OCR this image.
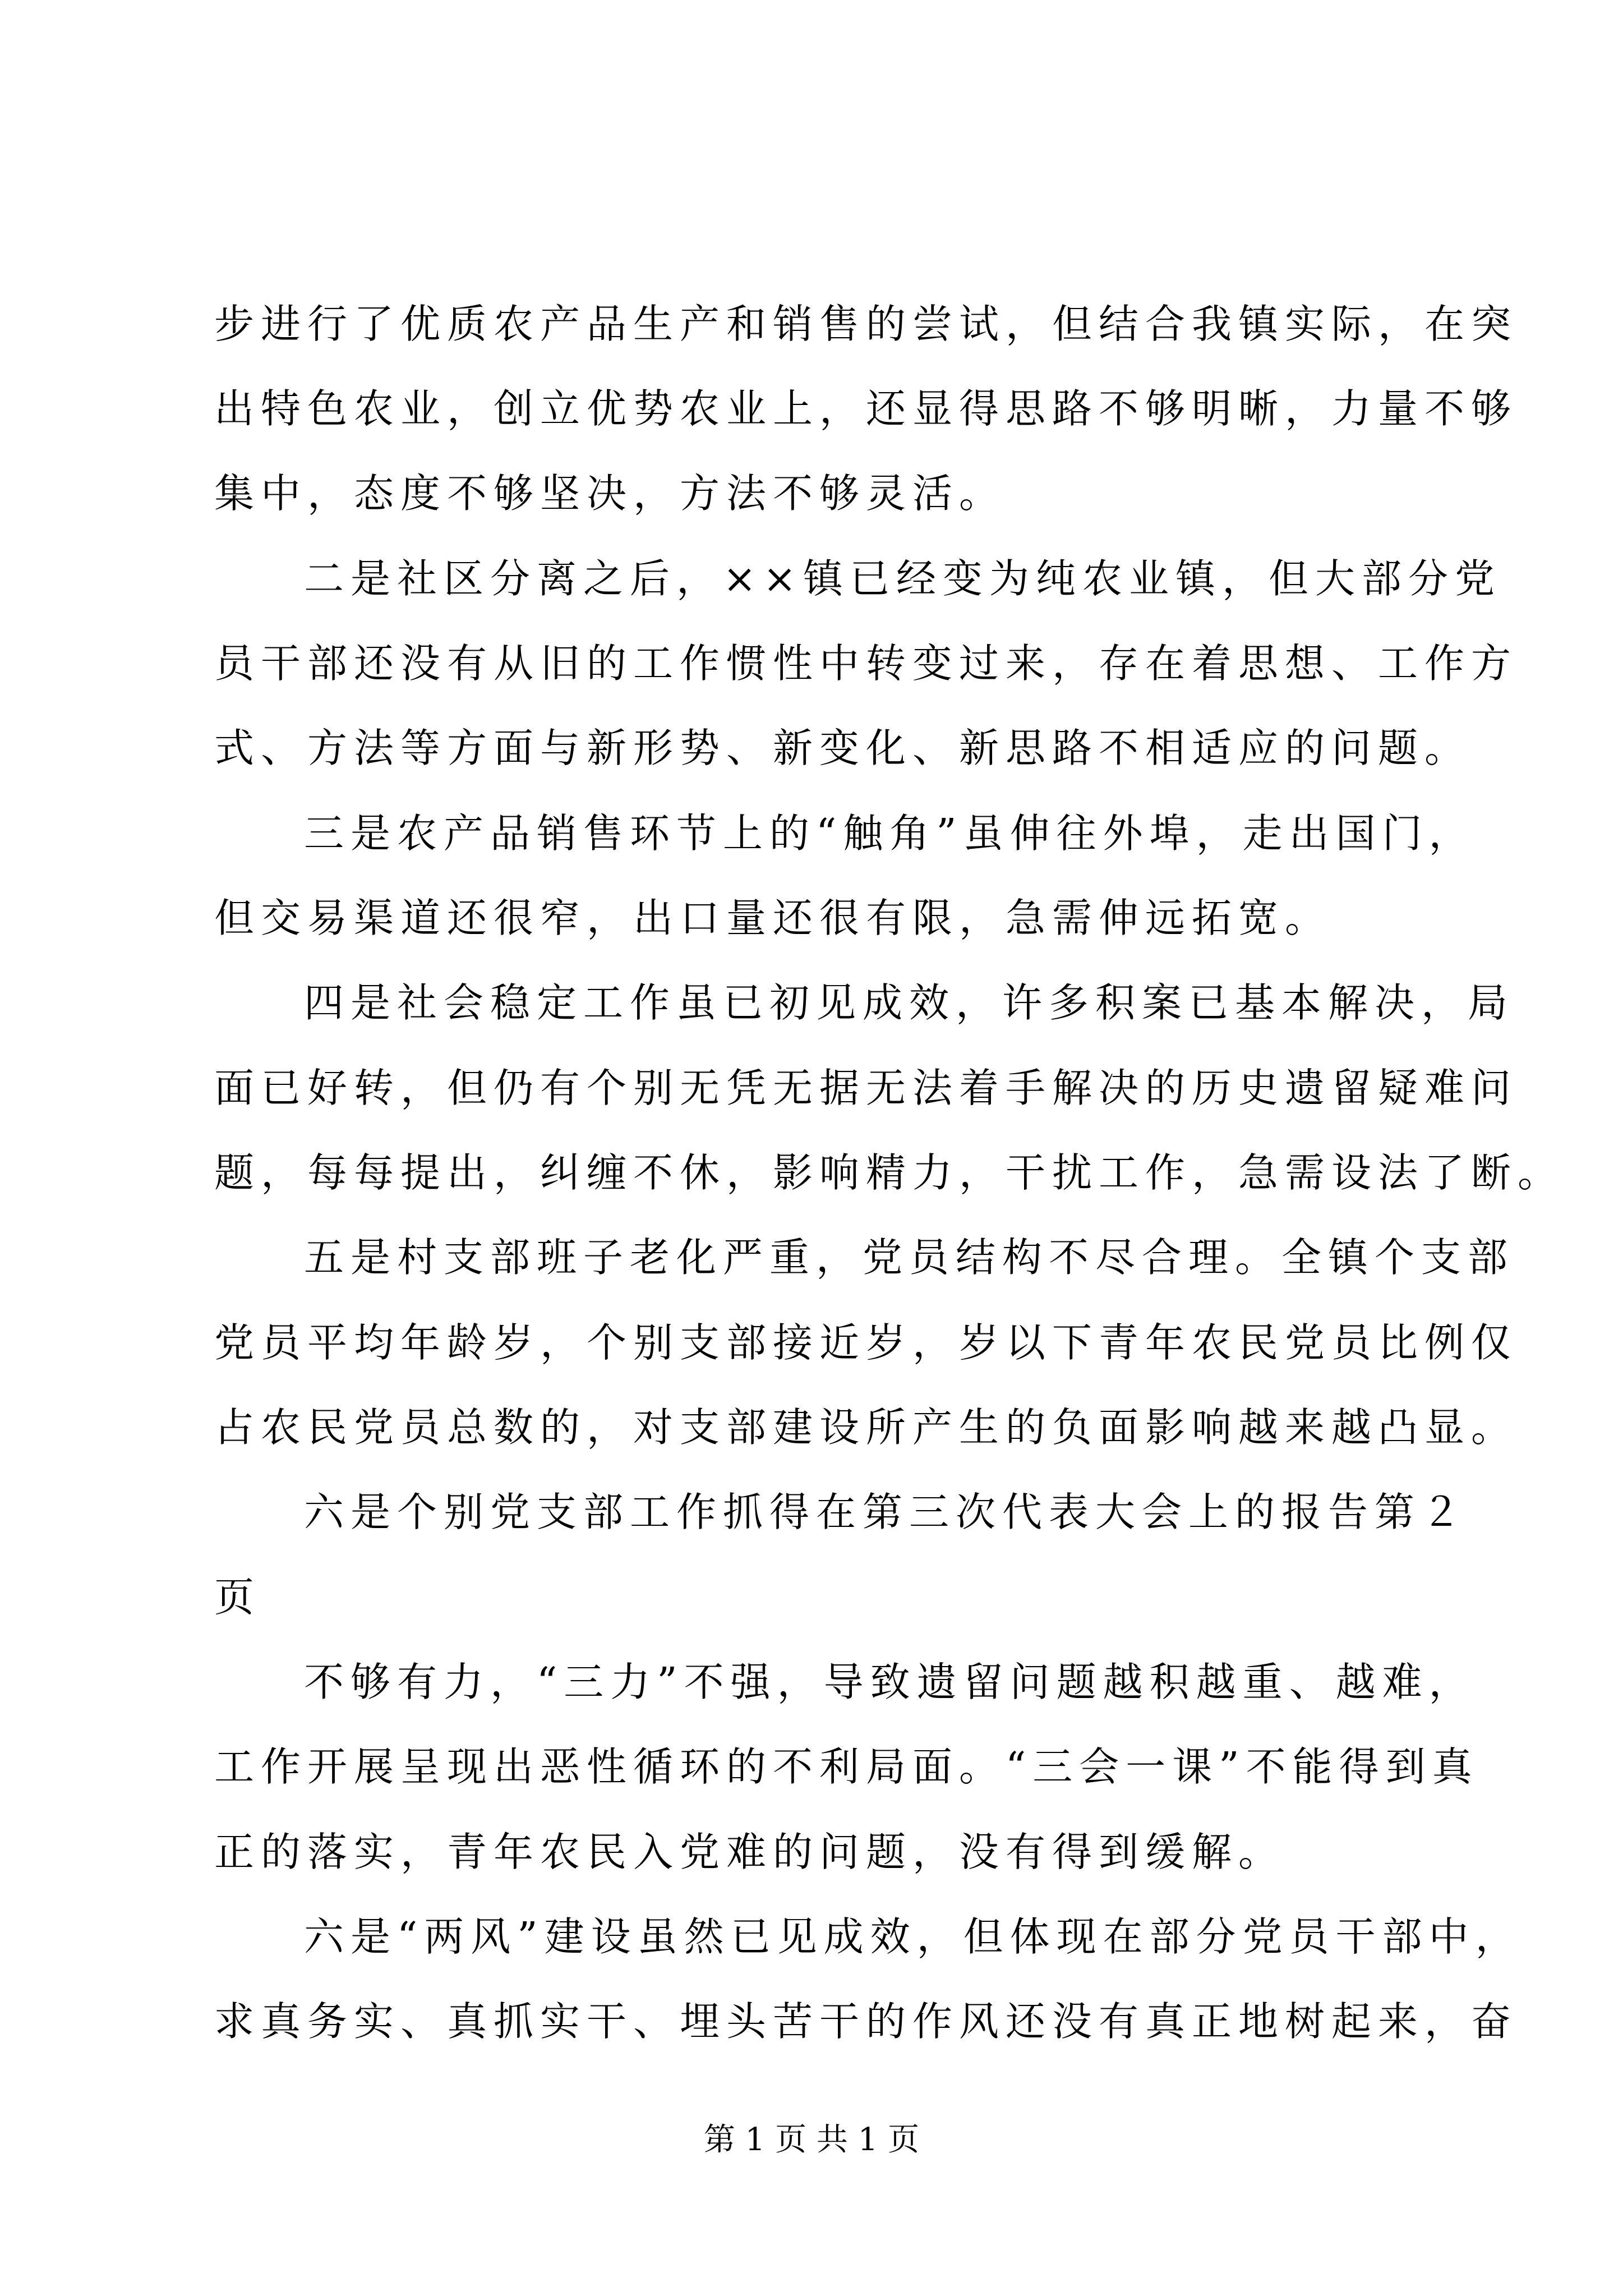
步进行了优质农产品生产和销售的尝试，但结合我镇实际，在突
出特色农业，创立优势农业上，还显得思路不够明晰，力量不够
集中，态度不够坚决，方法不够灵活。
二是社区分离之后，××镇已经变为纯农业镇，但大部分党
员干部还没有从旧的工作惯性中转变过来，存在着思想、工作方
式、方法等方面与新形势、新变化、新思路不相适应的问题。
三是农产品销售环节上的“触角”虽伸往外埠，走出国门，
但交易渠道还很窄，出口量还很有限，急需伸远拓宽。
四是社会稳定工作虽已初见成效，许多积案已基本解决，局
面已好转，但仍有个别无凭无据无法着手解决的历史遗留疑难问
题，每每提出，纠缠不休，影响精力，干扰工作，急需设法了断。
五是村支部班子老化严重，党员结构不尽合理。全镇个支部
党员平均年龄岁，个别支部接近岁，岁以下青年农民党员比例仅
占农民党员总数的，对支部建设所产生的负面影响越来越凸显。
六是个别党支部工作抓得在第三次代表大会上的报告第２
页
不够有力，“三力”不强，导致遗留问题越积越重、越难，
工作开展呈现出恶性循环的不利局面。“三会一课”不能得到真
正的落实，青年农民入党难的问题，没有得到缓解。
六是“两风”建设虽然已见成效，但体现在部分党员干部中，
求真务实、真抓实干、埋头苦干的作风还没有真正地树起来，奋
第 1 页 共 1 页
